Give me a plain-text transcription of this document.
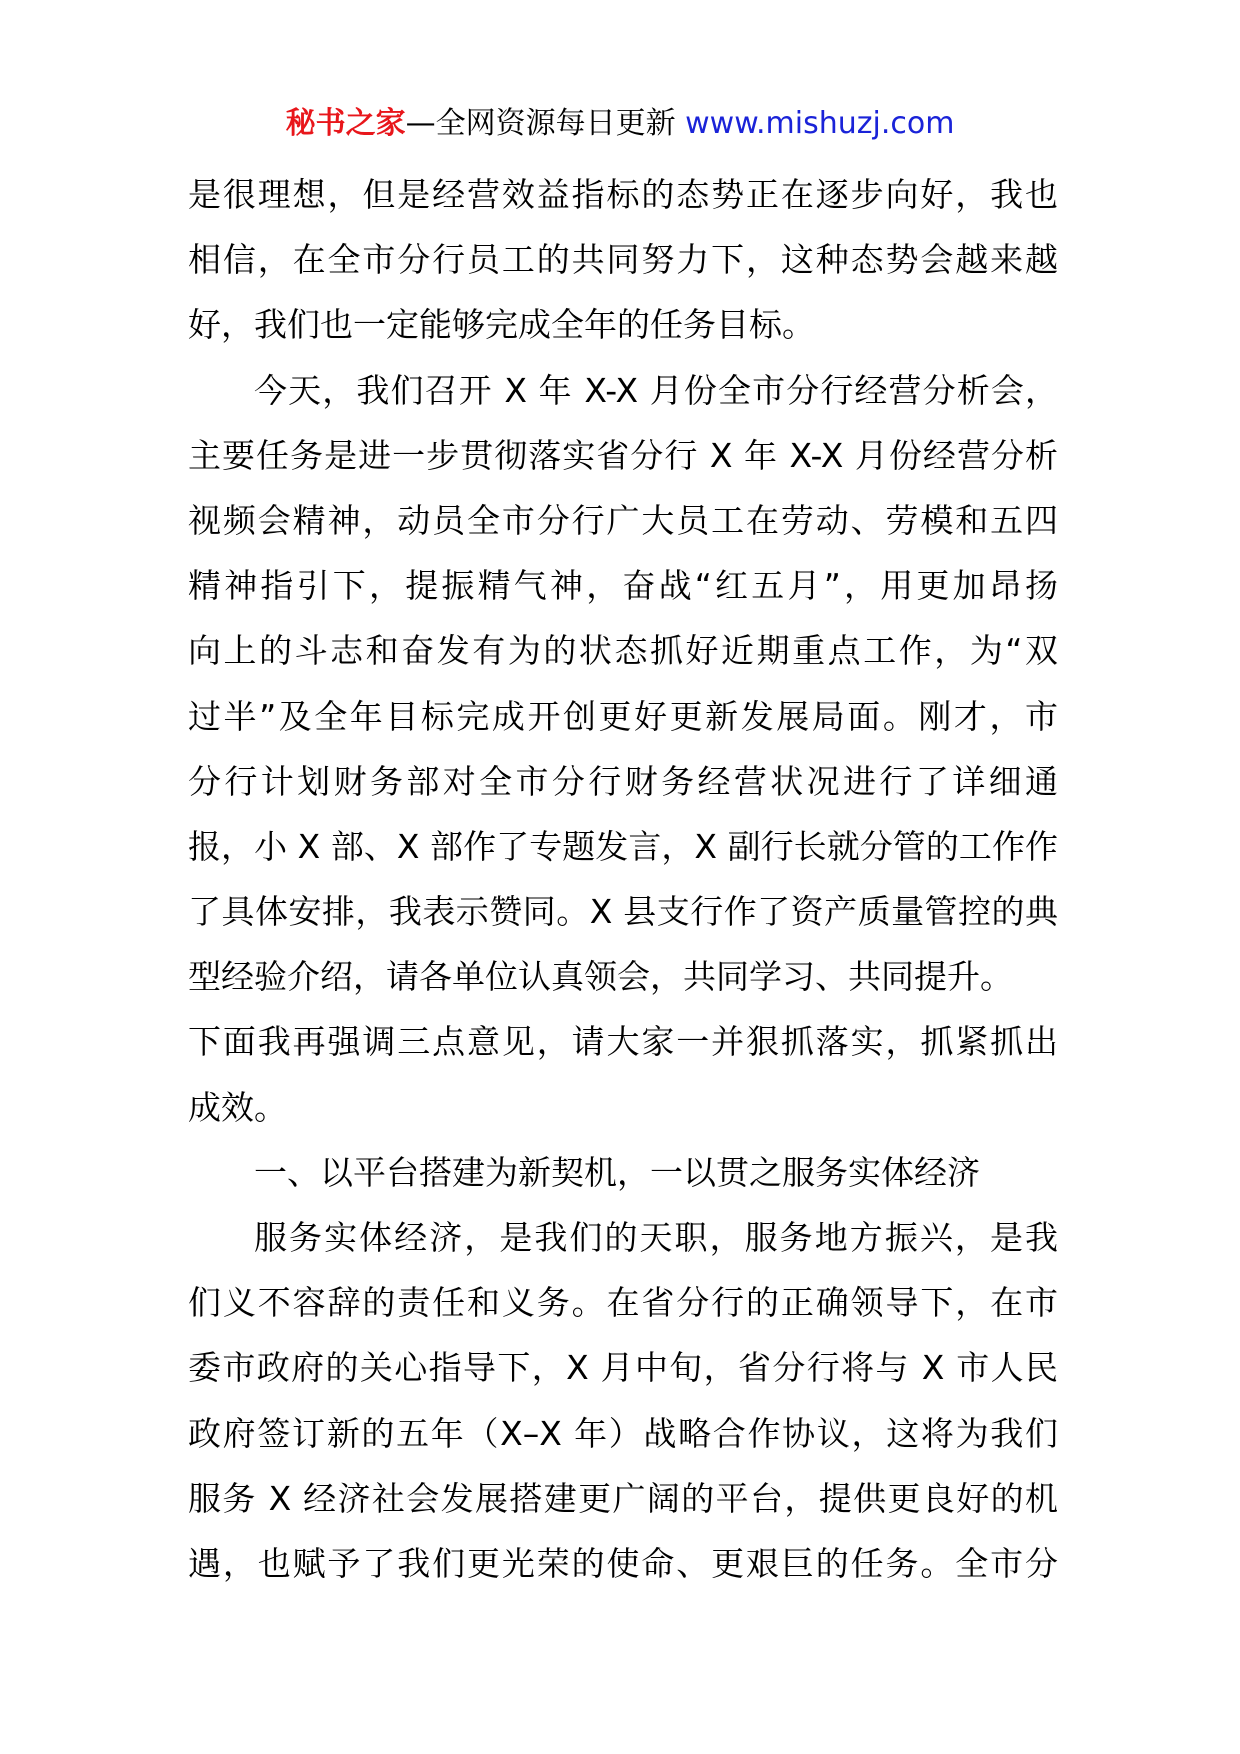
秘书之家—全网资源每日更新 www.mishuzj.com
是很理想，但是经营效益指标的态势正在逐步向好，我也
相信，在全市分行员工的共同努力下，这种态势会越来越
好，我们也一定能够完成全年的任务目标。
今天，我们召开 X 年 X-X 月份全市分行经营分析会，
主要任务是进一步贯彻落实省分行 X 年 X-X 月份经营分析
视频会精神，动员全市分行广大员工在劳动、劳模和五四
精神指引下，提振精气神，奋战“红五月”，用更加昂扬
向上的斗志和奋发有为的状态抓好近期重点工作，为“双
过半”及全年目标完成开创更好更新发展局面。刚才，市
分行计划财务部对全市分行财务经营状况进行了详细通
报，小 X 部、X 部作了专题发言，X 副行长就分管的工作作
了具体安排，我表示赞同。X 县支行作了资产质量管控的典
型经验介绍，请各单位认真领会，共同学习、共同提升。
下面我再强调三点意见，请大家一并狠抓落实，抓紧抓出
成效。
一、以平台搭建为新契机，一以贯之服务实体经济
服务实体经济，是我们的天职，服务地方振兴，是我
们义不容辞的责任和义务。在省分行的正确领导下，在市
委市政府的关心指导下，X 月中旬，省分行将与 X 市人民
政府签订新的五年（X–X 年）战略合作协议，这将为我们
服务 X 经济社会发展搭建更广阔的平台，提供更良好的机
遇，也赋予了我们更光荣的使命、更艰巨的任务。全市分
